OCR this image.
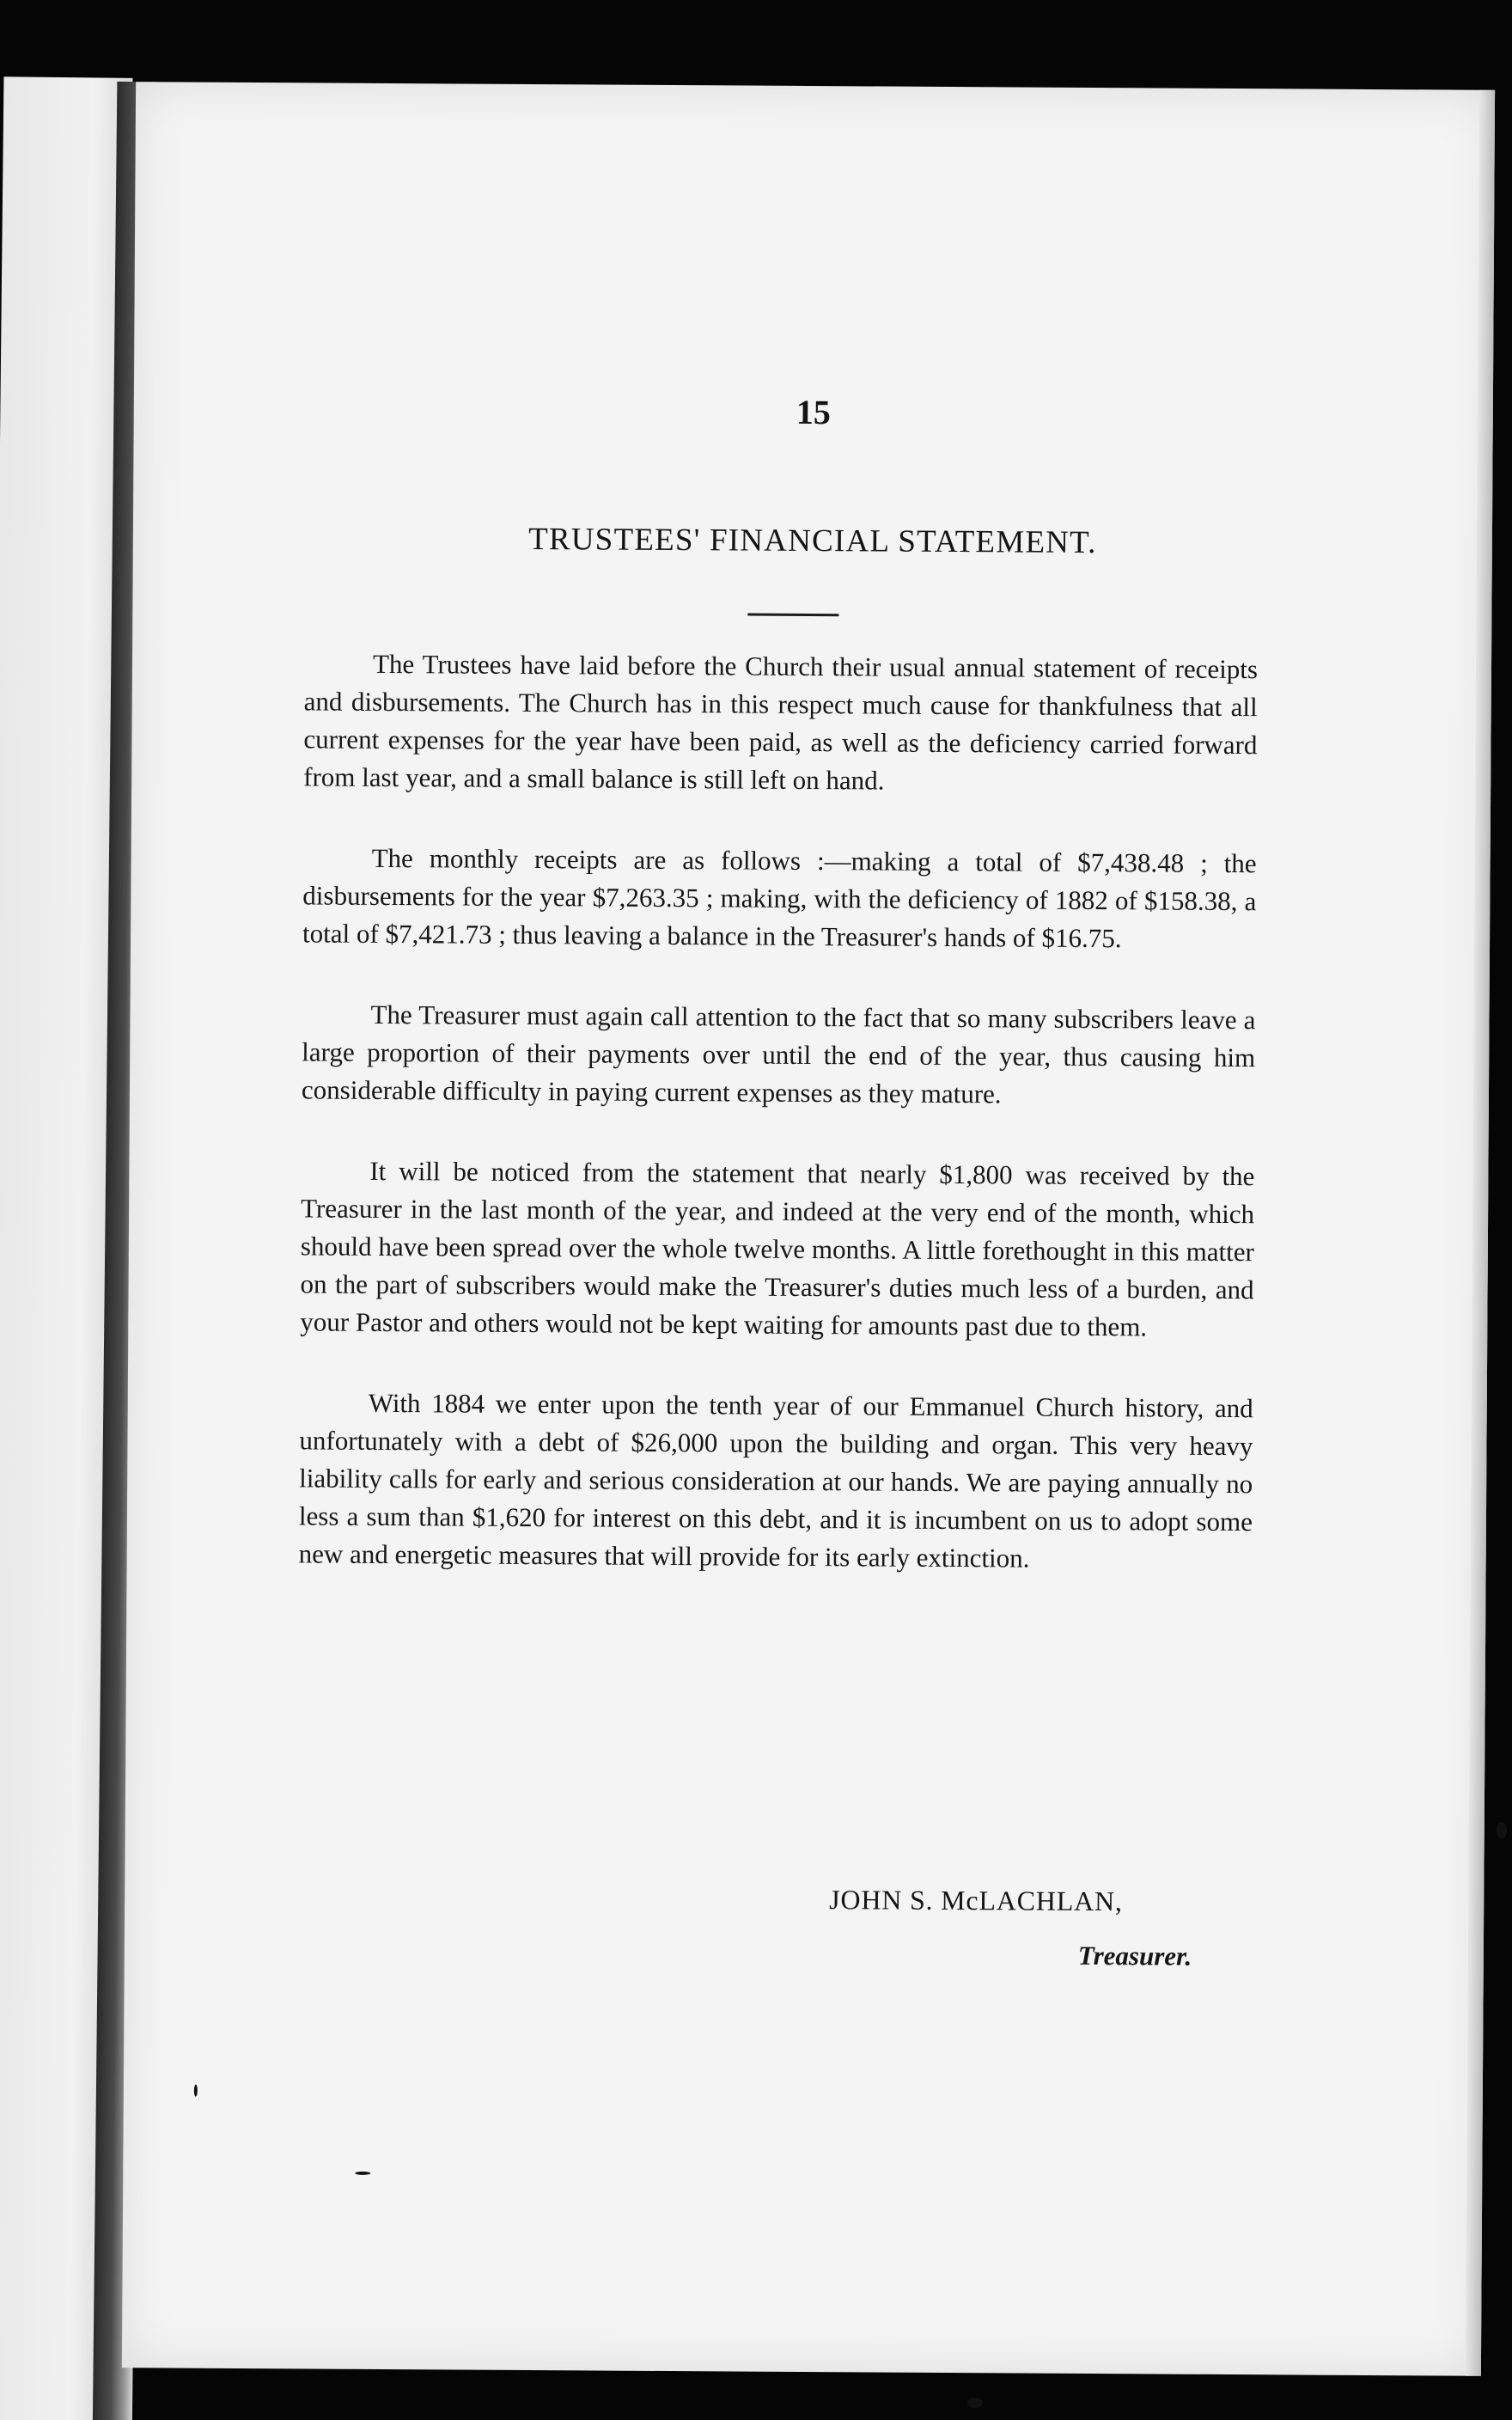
15
TRUSTEES' FINANCIAL STATEMENT.

The Trustees have laid before the Church their usual annual statement of receipts and disbursements. The Church has in this respect much cause for thankfulness that all current expenses for the year have been paid, as well as the deficiency carried forward from last year, and a small balance is still left on hand.

The monthly receipts are as follows :—making a total of $7,438.48 ; the disbursements for the year $7,263.35 ; making, with the deficiency of 1882 of $158.38, a total of $7,421.73 ; thus leaving a balance in the Treasurer's hands of $16.75.

The Treasurer must again call attention to the fact that so many subscribers leave a large proportion of their payments over until the end of the year, thus causing him considerable difficulty in paying current expenses as they mature.

It will be noticed from the statement that nearly $1,800 was received by the Treasurer in the last month of the year, and indeed at the very end of the month, which should have been spread over the whole twelve months. A little forethought in this matter on the part of subscribers would make the Treasurer's duties much less of a burden, and your Pastor and others would not be kept waiting for amounts past due to them.

With 1884 we enter upon the tenth year of our Emmanuel Church history, and unfortunately with a debt of $26,000 upon the building and organ. This very heavy liability calls for early and serious consideration at our hands. We are paying annually no less a sum than $1,620 for interest on this debt, and it is incumbent on us to adopt some new and energetic measures that will provide for its early extinction.

JOHN S. McLACHLAN,
Treasurer.
